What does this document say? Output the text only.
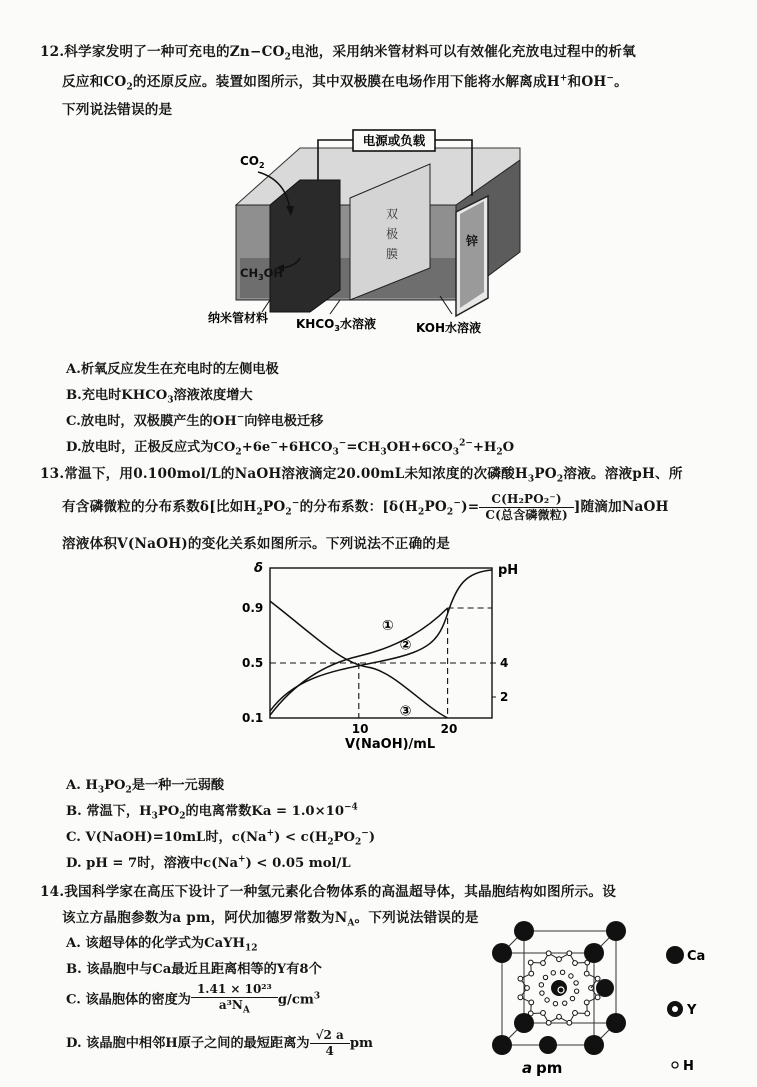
12.科学家发明了一种可充电的$Zn-CO_2$电池，采用纳米管材料可以有效催化充放电过程中的析氧
反应和$CO_2$的还原反应。装置如图所示，其中双极膜在电场作用下能将水解离成H+和OH−。
下列说法错误的是
电源或负载
$CO_2$
$CH_3OH$
双
极
膜
锌
纳米管材料 $KHCO_3$水溶液	KOH水溶液
A.析氧反应发生在充电时的左侧电极
B.充电时$KHCO_3$溶液浓度增大
C.放电时，双极膜产生的OH−向锌电极迁移
D.放电时，正极反应式为$CO_2+6e^-+6HCO_3^-=CH_3OH+6CO_3^{2-}+H_2O$
13.常温下，用0.100mol/L的NaOH溶液滴定20.00mL未知浓度的次磷酸$H_3PO_2$溶液。溶液pH、所
有含磷微粒的分布系数δ[比如$H_2PO_2^-$的分布系数：[$\delta(H_2PO_2^-)= \frac{\text{C(H₂PO₂⁻)}}{\text{C(总含磷微粒)}}$ ]随滴加NaOH
溶液体积V(NaOH)的变化关系如图所示。下列说法不正确的是
δ	pH
V(NaOH)/mL
0.9
0.5
0.1
4
2
10	20
①
②
③
A. $H_3PO_2$是一种一元弱酸
B. 常温下，$H_3PO_2$的电离常数$Ka = 1.0\times 10^{-4}$
C. V(NaOH)=10mL时，$c(Na^+) < c(H_2PO_2^-)$
D. pH = 7时，溶液中c(Na+) < 0.05 mol/L
14.我国科学家在高压下设计了一种氢元素化合物体系的高温超导体，其晶胞结构如图所示。设
该立方晶胞参数为a pm，阿伏加德罗常数为$N_A$。下列说法错误的是
A. 该超导体的化学式为CaYH$_{12}$
B. 该晶胞中与Ca最近且距离相等的Y有8个
C. 该晶胞体的密度为 $\frac{\text{1.41 × 10²³}}{a^3N_A} g/cm^3$
D. 该晶胞中相邻H原子之间的最短距离为 $\frac{√2 a}{4}$ pm
a pm
Ca
Y
H
